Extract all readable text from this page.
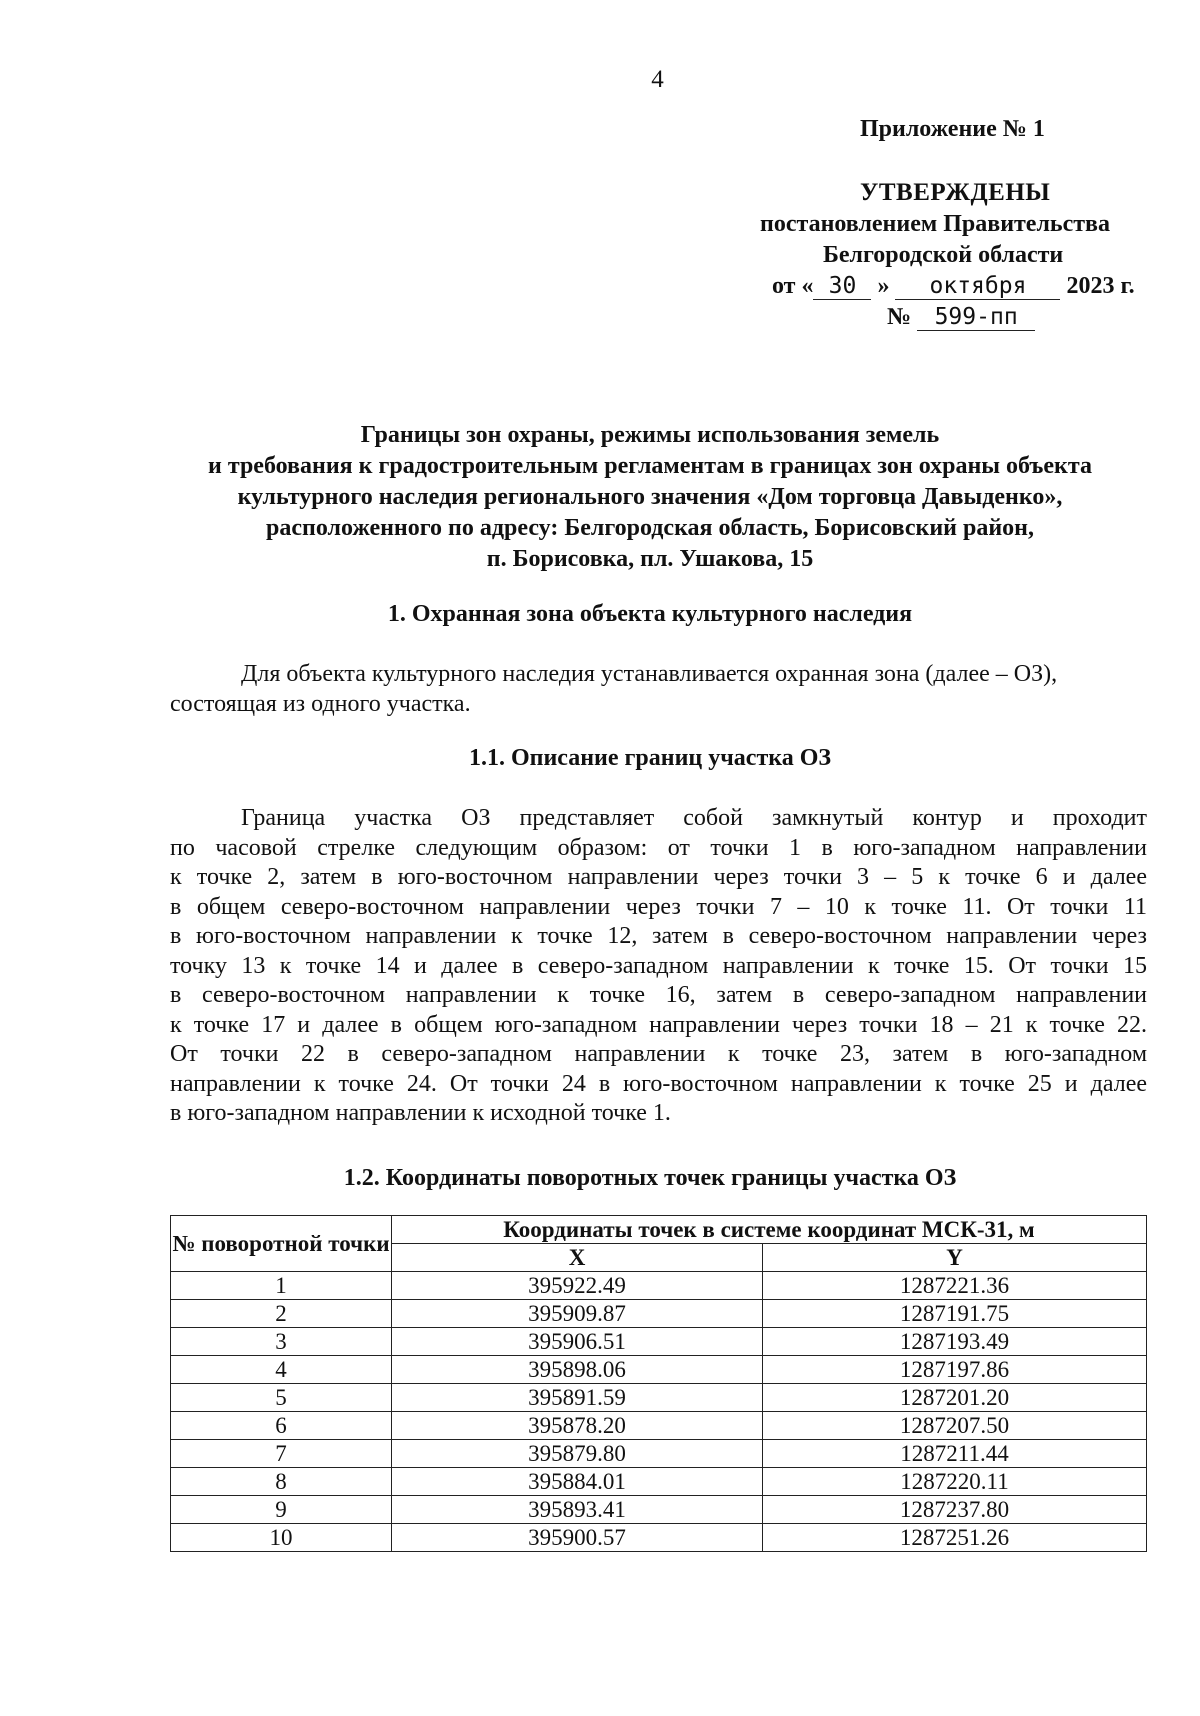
4
Приложение № 1
УТВЕРЖДЕНЫ
постановлением Правительства
Белгородской области
от « 30 » октября 2023 г.
№ 599-пп
Границы зон охраны, режимы использования земель
и требования к градостроительным регламентам в границах зон охраны объекта
культурного наследия регионального значения «Дом торговца Давыденко»,
расположенного по адресу: Белгородская область, Борисовский район,
п. Борисовка, пл. Ушакова, 15
1. Охранная зона объекта культурного наследия
Для объекта культурного наследия устанавливается охранная зона (далее – ОЗ),
состоящая из одного участка.
1.1. Описание границ участка ОЗ
Граница участка ОЗ представляет собой замкнутый контур и проходит
по часовой стрелке следующим образом: от точки 1 в юго-западном направлении
к точке 2, затем в юго-восточном направлении через точки 3 – 5 к точке 6 и далее
в общем северо-восточном направлении через точки 7 – 10 к точке 11. От точки 11
в юго-восточном направлении к точке 12, затем в северо-восточном направлении через
точку 13 к точке 14 и далее в северо-западном направлении к точке 15. От точки 15
в северо-восточном направлении к точке 16, затем в северо-западном направлении
к точке 17 и далее в общем юго-западном направлении через точки 18 – 21 к точке 22.
От точки 22 в северо-западном направлении к точке 23, затем в юго-западном
направлении к точке 24. От точки 24 в юго-восточном направлении к точке 25 и далее
в юго-западном направлении к исходной точке 1.
1.2. Координаты поворотных точек границы участка ОЗ
№ поворотной точки	Координаты точек в системе координат МСК-31, м	
	X	Y
1	395922.49	1287221.36
2	395909.87	1287191.75
3	395906.51	1287193.49
4	395898.06	1287197.86
5	395891.59	1287201.20
6	395878.20	1287207.50
7	395879.80	1287211.44
8	395884.01	1287220.11
9	395893.41	1287237.80
10	395900.57	1287251.26
